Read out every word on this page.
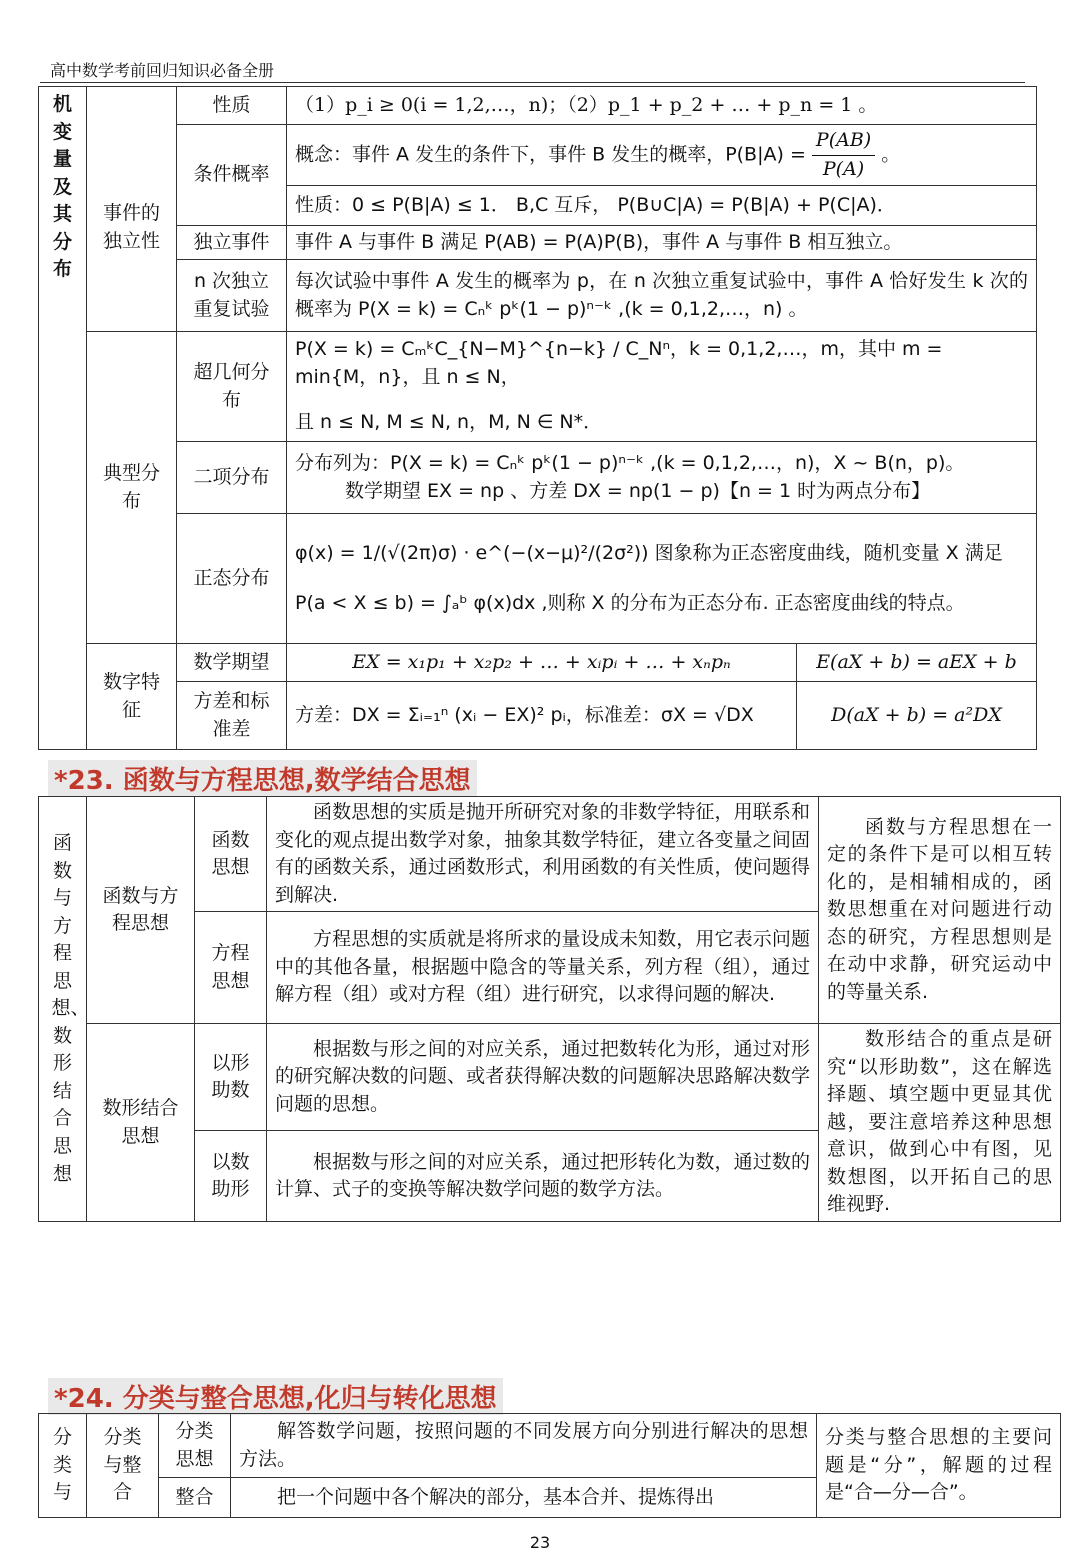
高中数学考前回归知识必备全册
机变量及其分布		性质	（1）p_i ≥ 0(i = 1,2,…，n)；（2）p_1 + p_2 + … + p_n = 1 。	
	事件的独立性	条件概率	概念：事件 A 发生的条件下，事件 B 发生的概率，$P(B|A) = \frac{P(AB)}{P(A)}$ 。	
			性质：0 ≤ P(B|A) ≤ 1． B,C 互斥， P(B∪C|A) = P(B|A) + P(C|A)．	
		独立事件	事件 A 与事件 B 满足 P(AB) = P(A)P(B)，事件 A 与事件 B 相互独立。	
		n 次独立重复试验	每次试验中事件 A 发生的概率为 p，在 n 次独立重复试验中，事件 A 恰好发生 k 次的概率为 P(X = k) = Cₙᵏ pᵏ(1 − p)ⁿ⁻ᵏ ,(k = 0,1,2,…，n) 。	
	典型分布	超几何分布	P(X = k) = CₘᵏC_{N−M}^{n−k} / C_Nⁿ，k = 0,1,2,…，m，其中 m = min{M，n}，且 n ≤ N，
且 n ≤ N, M ≤ N, n，M, N ∈ N*．	

		二项分布	分布列为：P(X = k) = Cₙᵏ pᵏ(1 − p)ⁿ⁻ᵏ ,(k = 0,1,2,…，n)，X ~ B(n，p)。
数学期望 EX = np 、方差 DX = np(1 − p)【n = 1 时为两点分布】	

		正态分布	φ(x) = 1/(√(2π)σ) · e^(−(x−μ)²/(2σ²)) 图象称为正态密度曲线，随机变量 X 满足
P(a < X ≤ b) = ∫ₐᵇ φ(x)dx ,则称 X 的分布为正态分布. 正态密度曲线的特点。	

	数字特征	数学期望	EX = x₁p₁ + x₂p₂ + … + xᵢpᵢ + … + xₙpₙ	E(aX + b) = aEX + b
		方差和标准差	方差：DX = Σᵢ₌₁ⁿ (xᵢ − EX)² pᵢ，标准差：σX = √DX	D(aX + b) = a²DX
*23. 函数与方程思想,数学结合思想
函数与方程思想、数形结合思想	函数与方程思想	函数思想	函数思想的实质是抛开所研究对象的非数学特征，用联系和变化的观点提出数学对象，抽象其数学特征，建立各变量之间固有的函数关系，通过函数形式，利用函数的有关性质，使问题得到解决.	函数与方程思想在一定的条件下是可以相互转化的，是相辅相成的，函数思想重在对问题进行动态的研究，方程思想则是在动中求静，研究运动中的等量关系.
		方程思想	方程思想的实质就是将所求的量设成未知数，用它表示问题中的其他各量，根据题中隐含的等量关系，列方程（组），通过解方程（组）或对方程（组）进行研究，以求得问题的解决.	
	数形结合思想	以形助数	根据数与形之间的对应关系，通过把数转化为形，通过对形的研究解决数的问题、或者获得解决数的问题解决思路解决数学问题的思想。	数形结合的重点是研究“以形助数”，这在解选择题、填空题中更显其优越，要注意培养这种思想意识，做到心中有图，见数想图，以开拓自己的思维视野.
		以数助形	根据数与形之间的对应关系，通过把形转化为数，通过数的计算、式子的变换等解决数学问题的数学方法。	
*24. 分类与整合思想,化归与转化思想
分类与	分类与整合	分类思想	解答数学问题，按照问题的不同发展方向分别进行解决的思想方法。	分类与整合思想的主要问题是“分”，解题的过程是“合—分—合”。
		整合	把一个问题中各个解决的部分，基本合并、提炼得出	
23
